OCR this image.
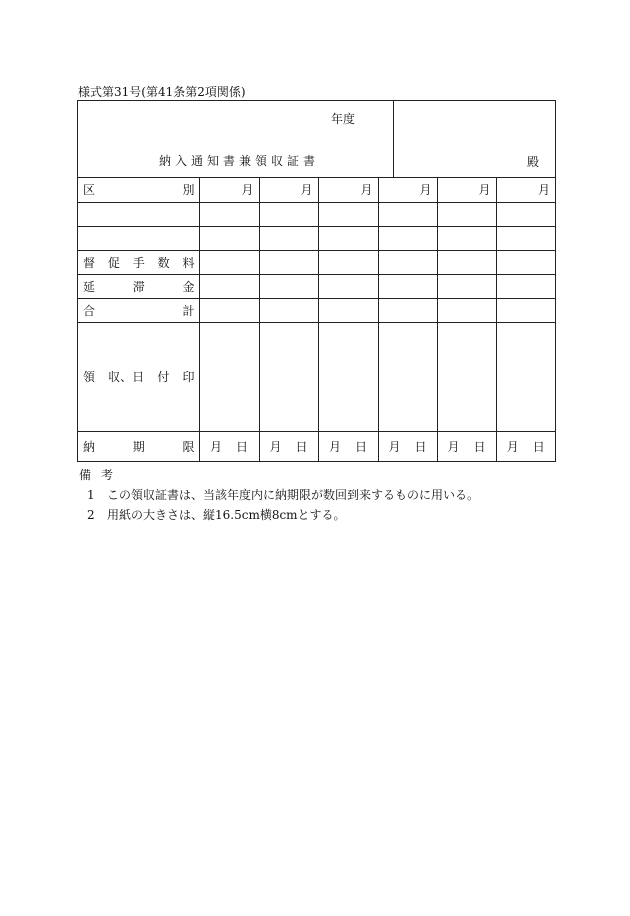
様式第31号(第41条第2項関係)
年度
納入通知書兼領収証書	殿
区 別	月	月	月	月	月	月

督 促 手 数 料						

延 滞 金						

合 計						

領 収、日 付 印						

納 期 限	月 日	月 日	月 日	月 日	月 日	月 日
備考
1 この領収証書は、当該年度内に納期限が数回到来するものに用いる。
2 用紙の大きさは、縦16.5cm横8cmとする。
